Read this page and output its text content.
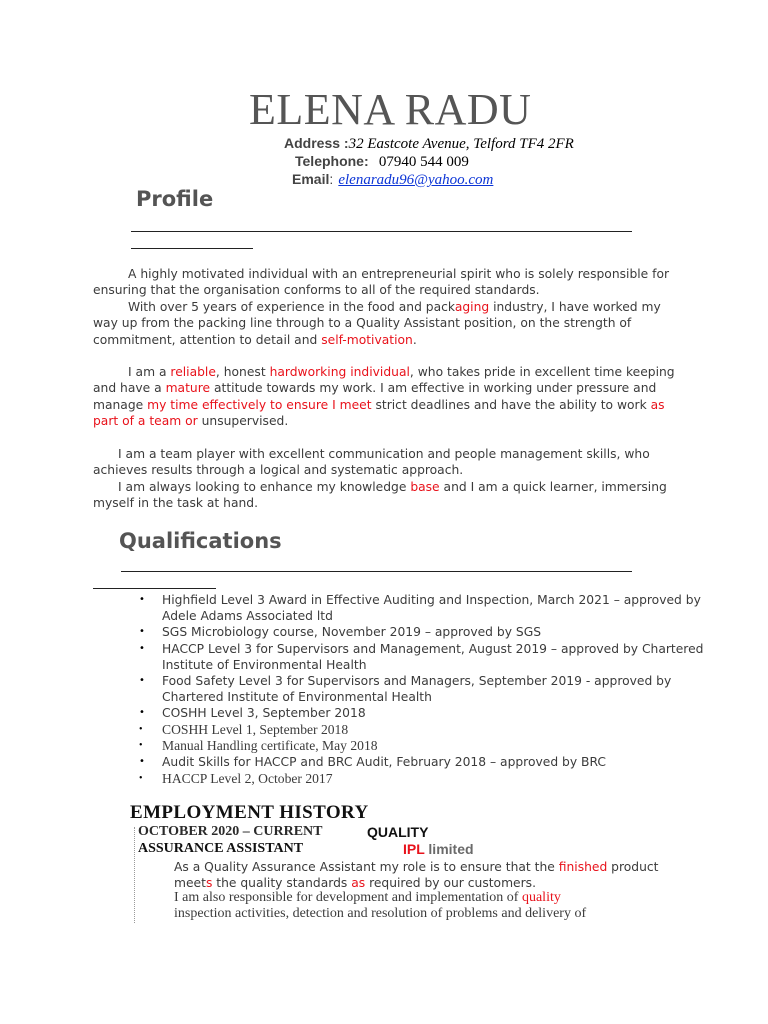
ELENA RADU
Address :32 Eastcote Avenue, Telford TF4 2FR
Telephone: 07940 544 009
Email: elenaradu96@yahoo.com
Profile
A highly motivated individual with an entrepreneurial spirit who is solely responsible for
ensuring that the organisation conforms to all of the required standards.
With over 5 years of experience in the food and packaging industry, I have worked my
way up from the packing line through to a Quality Assistant position, on the strength of
commitment, attention to detail and self-motivation.
I am a reliable, honest hardworking individual, who takes pride in excellent time keeping
and have a mature attitude towards my work. I am effective in working under pressure and
manage my time effectively to ensure I meet strict deadlines and have the ability to work as
part of a team or unsupervised.
I am a team player with excellent communication and people management skills, who
achieves results through a logical and systematic approach.
I am always looking to enhance my knowledge base and I am a quick learner, immersing
myself in the task at hand.
Qualifications
• Highfield Level 3 Award in Effective Auditing and Inspection, March 2021 – approved by
Adele Adams Associated ltd
• SGS Microbiology course, November 2019 – approved by SGS
• HACCP Level 3 for Supervisors and Management, August 2019 – approved by Chartered
Institute of Environmental Health
• Food Safety Level 3 for Supervisors and Managers, September 2019 - approved by
Chartered Institute of Environmental Health
• COSHH Level 3, September 2018
• COSHH Level 1, September 2018
• Manual Handling certificate, May 2018
• Audit Skills for HACCP and BRC Audit, February 2018 – approved by BRC
• HACCP Level 2, October 2017
EMPLOYMENT HISTORY
OCTOBER 2020 – CURRENT	QUALITY
ASSURANCE ASSISTANT	IPL limited
As a Quality Assurance Assistant my role is to ensure that the finished product
meets the quality standards as required by our customers.
I am also responsible for development and implementation of quality
inspection activities, detection and resolution of problems and delivery of
